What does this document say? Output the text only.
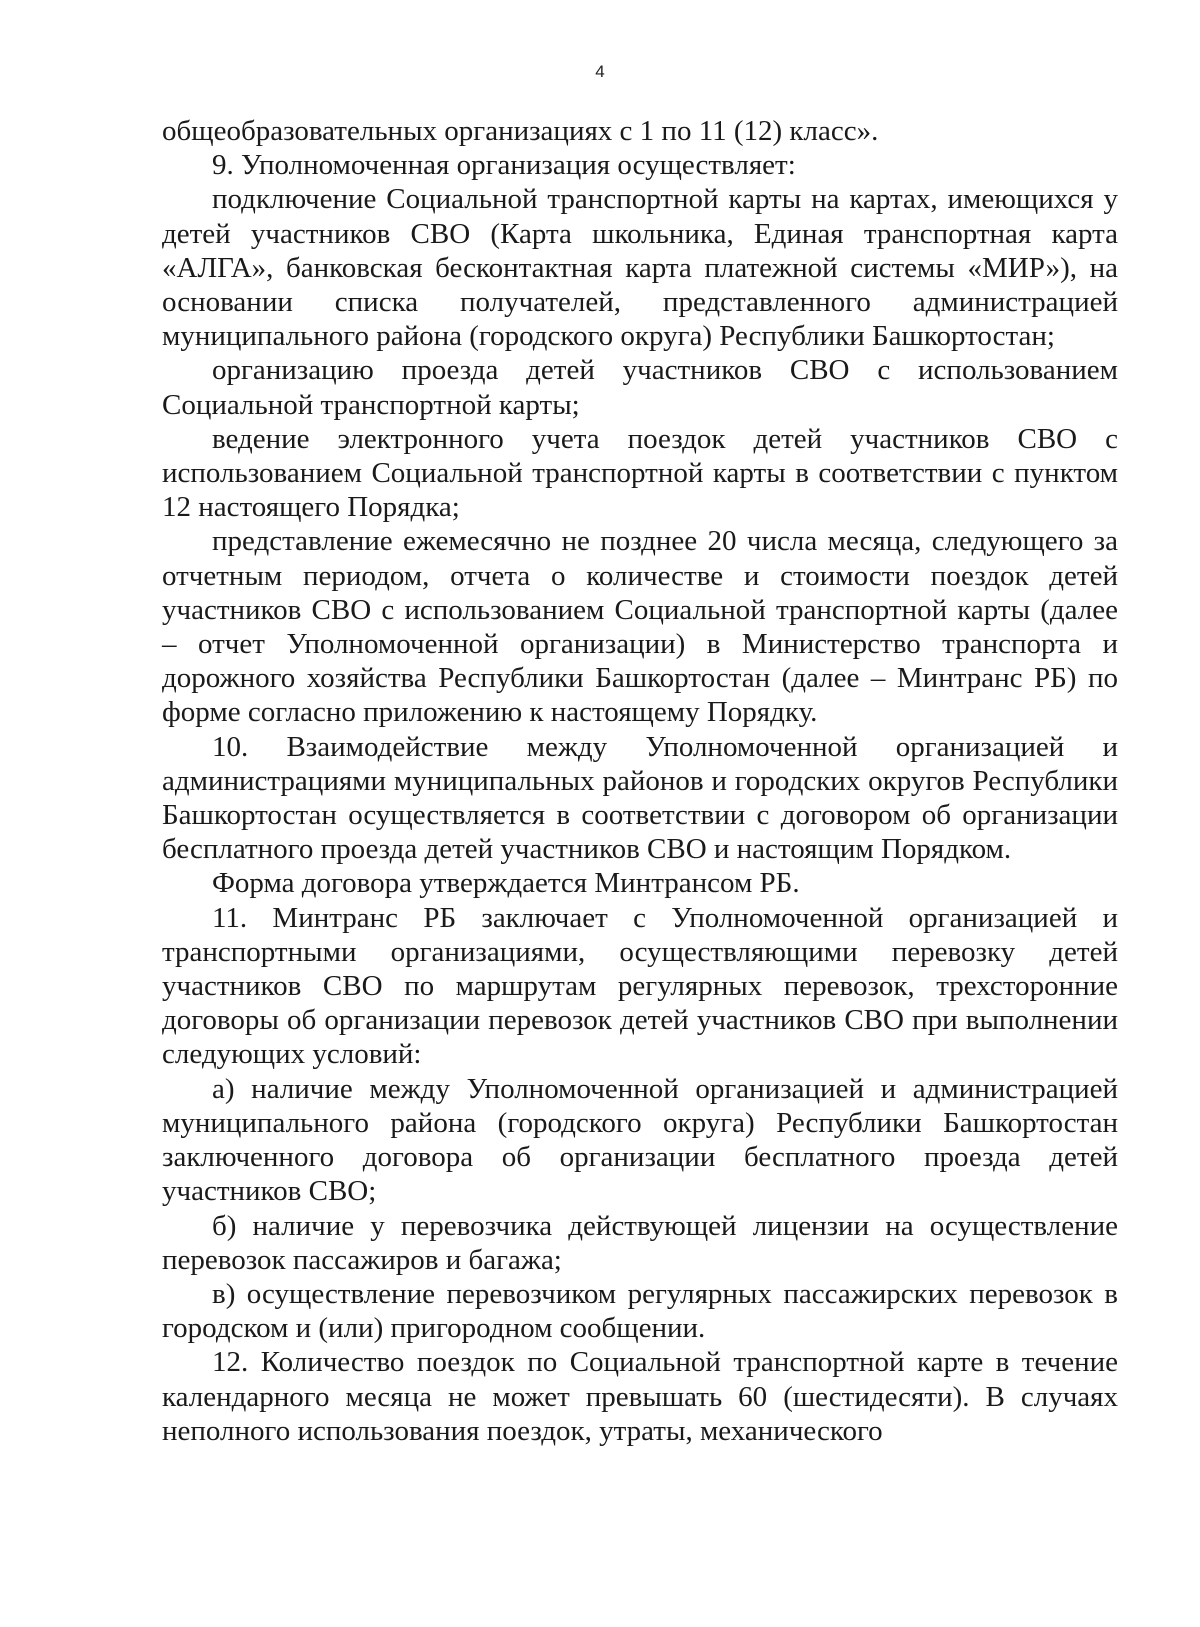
4

общеобразовательных организациях с 1 по 11 (12) класс».

9. Уполномоченная организация осуществляет:

подключение Социальной транспортной карты на картах, имеющихся у детей участников СВО (Карта школьника, Единая транспортная карта «АЛГА», банковская бесконтактная карта платежной системы «МИР»), на основании списка получателей, представленного администрацией муниципального района (городского округа) Республики Башкортостан;

организацию проезда детей участников СВО с использованием Социальной транспортной карты;

ведение электронного учета поездок детей участников СВО с использованием Социальной транспортной карты в соответствии с пунктом 12 настоящего Порядка;

представление ежемесячно не позднее 20 числа месяца, следующего за отчетным периодом, отчета о количестве и стоимости поездок детей участников СВО с использованием Социальной транспортной карты (далее – отчет Уполномоченной организации) в Министерство транспорта и дорожного хозяйства Республики Башкортостан (далее – Минтранс РБ) по форме согласно приложению к настоящему Порядку.

10. Взаимодействие между Уполномоченной организацией и администрациями муниципальных районов и городских округов Республики Башкортостан осуществляется в соответствии с договором об организации бесплатного проезда детей участников СВО и настоящим Порядком.

Форма договора утверждается Минтрансом РБ.

11. Минтранс РБ заключает с Уполномоченной организацией и транспортными организациями, осуществляющими перевозку детей участников СВО по маршрутам регулярных перевозок, трехсторонние договоры об организации перевозок детей участников СВО при выполнении следующих условий:

а) наличие между Уполномоченной организацией и администрацией муниципального района (городского округа) Республики Башкортостан заключенного договора об организации бесплатного проезда детей участников СВО;

б) наличие у перевозчика действующей лицензии на осуществление перевозок пассажиров и багажа;

в) осуществление перевозчиком регулярных пассажирских перевозок в городском и (или) пригородном сообщении.

12. Количество поездок по Социальной транспортной карте в течение календарного месяца не может превышать 60 (шестидесяти). В случаях неполного использования поездок, утраты, механического
